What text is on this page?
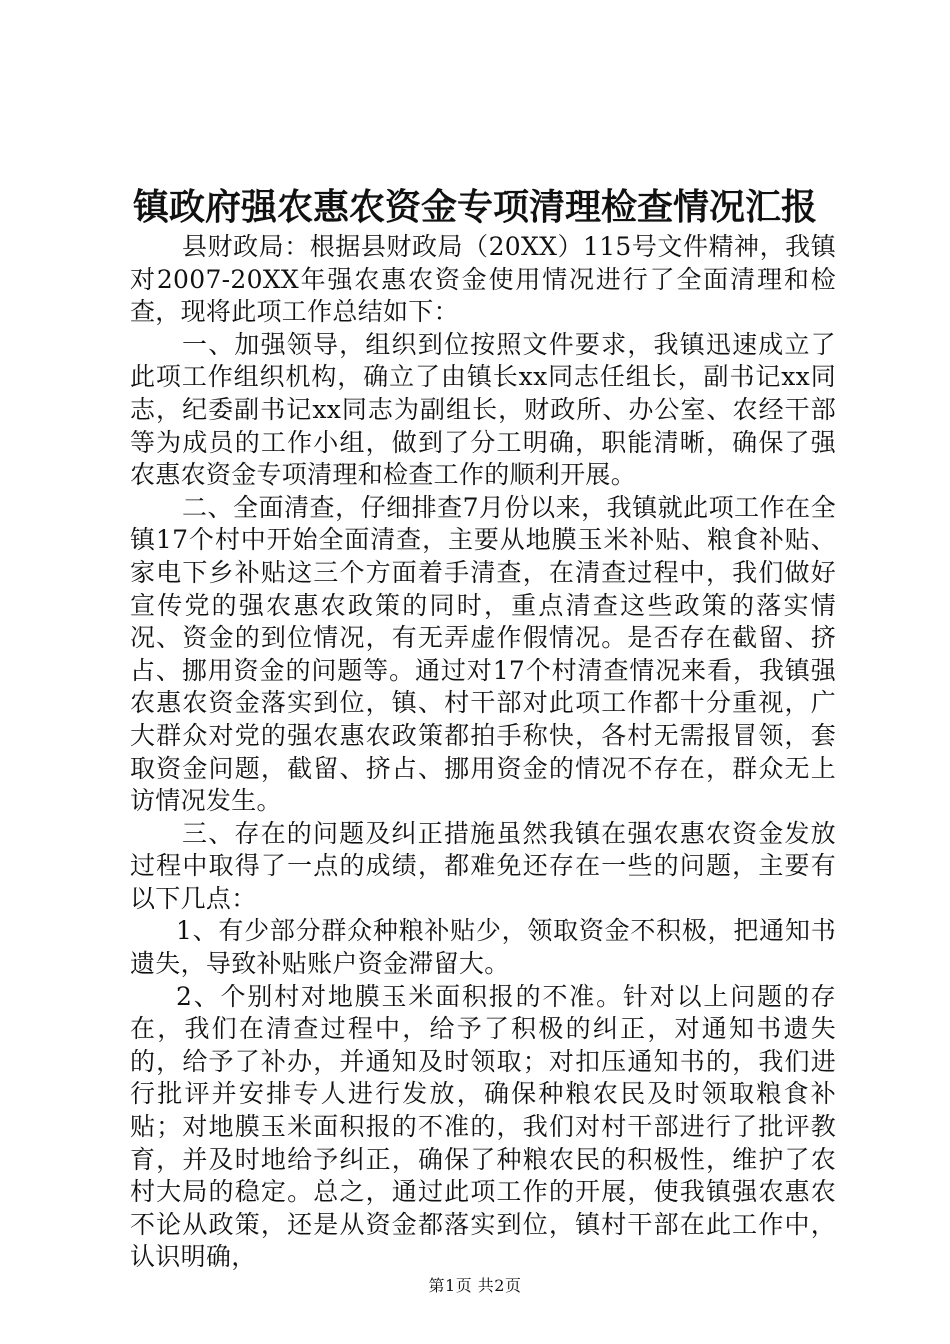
镇政府强农惠农资金专项清理检查情况汇报

县财政局：根据县财政局（20XX）115号文件精神，我镇对2007-20XX年强农惠农资金使用情况进行了全面清理和检查，现将此项工作总结如下：

一、加强领导，组织到位按照文件要求，我镇迅速成立了此项工作组织机构，确立了由镇长xx同志任组长，副书记xx同志，纪委副书记xx同志为副组长，财政所、办公室、农经干部等为成员的工作小组，做到了分工明确，职能清晰，确保了强农惠农资金专项清理和检查工作的顺利开展。

二、全面清查，仔细排查7月份以来，我镇就此项工作在全镇17个村中开始全面清查，主要从地膜玉米补贴、粮食补贴、家电下乡补贴这三个方面着手清查，在清查过程中，我们做好宣传党的强农惠农政策的同时，重点清查这些政策的落实情况、资金的到位情况，有无弄虚作假情况。是否存在截留、挤占、挪用资金的问题等。通过对17个村清查情况来看，我镇强农惠农资金落实到位，镇、村干部对此项工作都十分重视，广大群众对党的强农惠农政策都拍手称快，各村无需报冒领，套取资金问题，截留、挤占、挪用资金的情况不存在，群众无上访情况发生。

三、存在的问题及纠正措施虽然我镇在强农惠农资金发放过程中取得了一点的成绩，都难免还存在一些的问题，主要有以下几点：

1、有少部分群众种粮补贴少，领取资金不积极，把通知书遗失，导致补贴账户资金滞留大。

2、个别村对地膜玉米面积报的不准。针对以上问题的存在，我们在清查过程中，给予了积极的纠正，对通知书遗失的，给予了补办，并通知及时领取；对扣压通知书的，我们进行批评并安排专人进行发放，确保种粮农民及时领取粮食补贴；对地膜玉米面积报的不准的，我们对村干部进行了批评教育，并及时地给予纠正，确保了种粮农民的积极性，维护了农村大局的稳定。总之，通过此项工作的开展，使我镇强农惠农不论从政策，还是从资金都落实到位，镇村干部在此工作中，认识明确，

第1页 共2页
